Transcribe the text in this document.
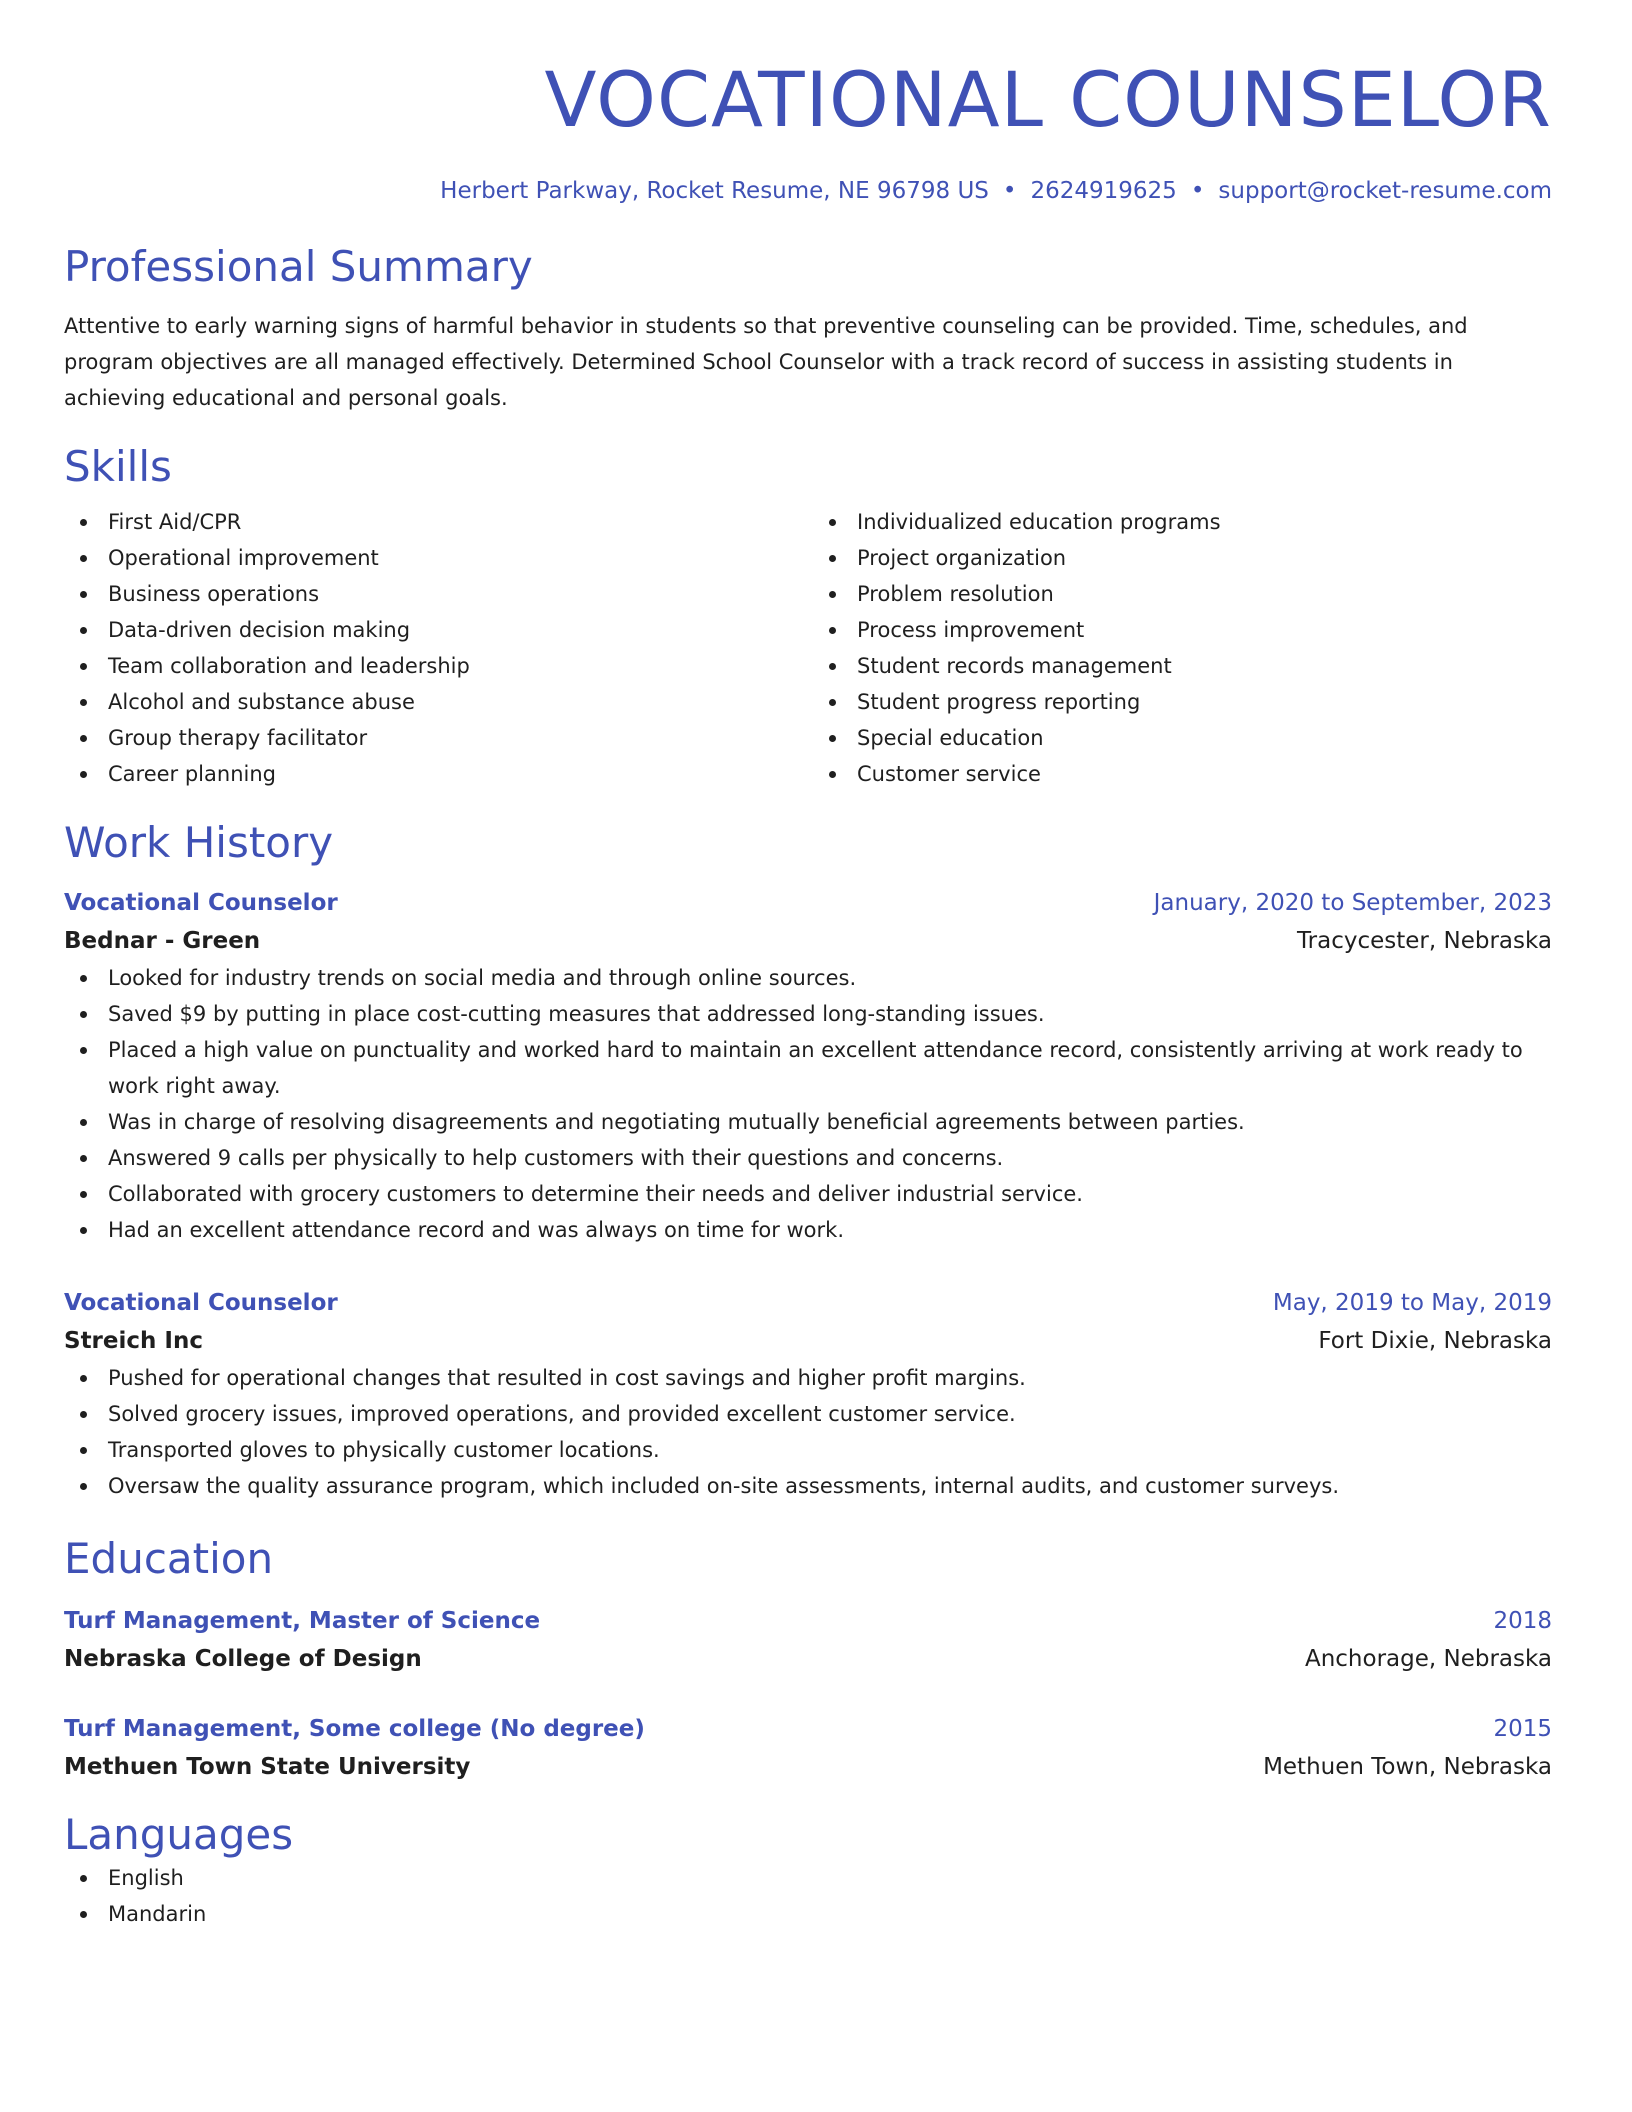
VOCATIONAL COUNSELOR
Herbert Parkway, Rocket Resume, NE 96798 US • 2624919625 • support@rocket-resume.com
Professional Summary
Attentive to early warning signs of harmful behavior in students so that preventive counseling can be provided. Time, schedules, and program objectives are all managed effectively. Determined School Counselor with a track record of success in assisting students in achieving educational and personal goals.
Skills
First Aid/CPR
Operational improvement
Business operations
Data-driven decision making
Team collaboration and leadership
Alcohol and substance abuse
Group therapy facilitator
Career planning
Individualized education programs
Project organization
Problem resolution
Process improvement
Student records management
Student progress reporting
Special education
Customer service
Work History
Vocational Counselor	January, 2020 to September, 2023
Bednar - Green	Tracycester, Nebraska
Looked for industry trends on social media and through online sources.
Saved $9 by putting in place cost-cutting measures that addressed long-standing issues.
Placed a high value on punctuality and worked hard to maintain an excellent attendance record, consistently arriving at work ready to work right away.
Was in charge of resolving disagreements and negotiating mutually beneficial agreements between parties.
Answered 9 calls per physically to help customers with their questions and concerns.
Collaborated with grocery customers to determine their needs and deliver industrial service.
Had an excellent attendance record and was always on time for work.
Vocational Counselor	May, 2019 to May, 2019
Streich Inc	Fort Dixie, Nebraska
Pushed for operational changes that resulted in cost savings and higher profit margins.
Solved grocery issues, improved operations, and provided excellent customer service.
Transported gloves to physically customer locations.
Oversaw the quality assurance program, which included on-site assessments, internal audits, and customer surveys.
Education
Turf Management, Master of Science	2018
Nebraska College of Design	Anchorage, Nebraska
Turf Management, Some college (No degree)	2015
Methuen Town State University	Methuen Town, Nebraska
Languages
English
Mandarin
